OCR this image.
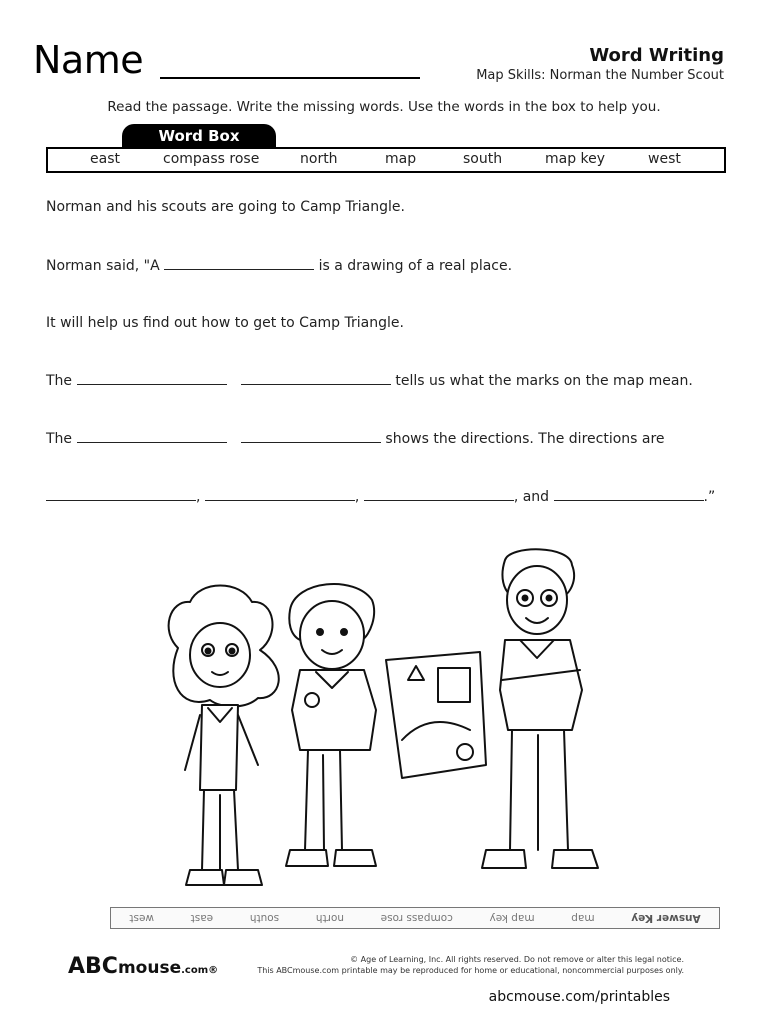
Name	Word Writing
Map Skills: Norman the Number Scout
Read the passage. Write the missing words. Use the words in the box to help you.
Word Box
east	compass rose	north	map	south	map key	west
Norman and his scouts are going to Camp Triangle.
Norman said, "A	is a drawing of a real place.
It will help us find out how to get to Camp Triangle.
The	tells us what the marks on the map mean.
The	shows the directions. The directions are
,	,	, and	.”
Answer Key
map
map key
compass rose
north
south
east
west
ABCmouse.com®
© Age of Learning, Inc. All rights reserved. Do not remove or alter this legal notice.
This ABCmouse.com printable may be reproduced for home or educational, noncommercial purposes only.
abcmouse.com/printables
